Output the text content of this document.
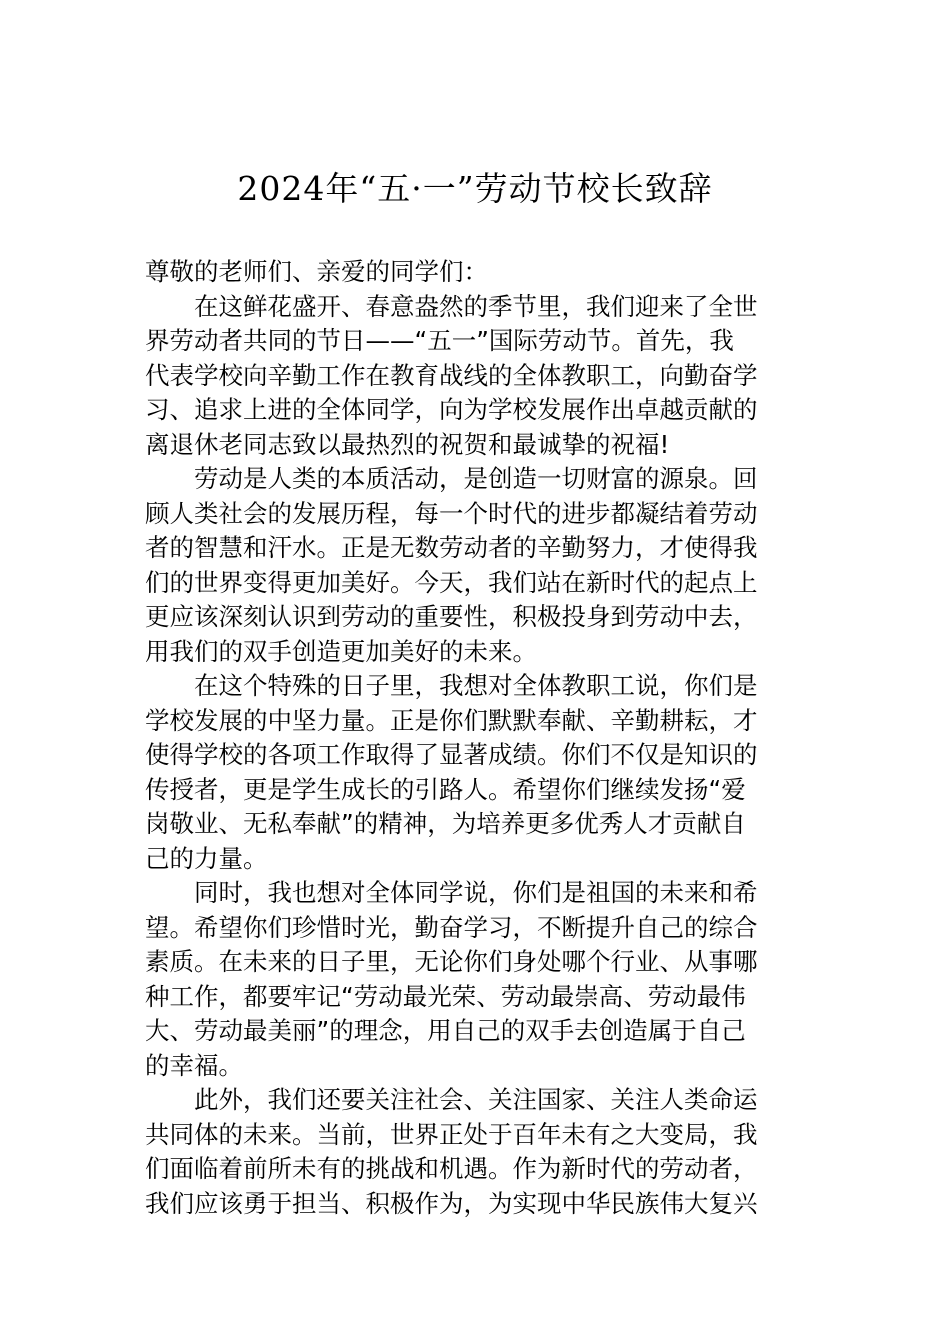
2024年“五·一”劳动节校长致辞
尊敬的老师们、亲爱的同学们：
在这鲜花盛开、春意盎然的季节里，我们迎来了全世
界劳动者共同的节日——“五一”国际劳动节。首先，我
代表学校向辛勤工作在教育战线的全体教职工，向勤奋学
习、追求上进的全体同学，向为学校发展作出卓越贡献的
离退休老同志致以最热烈的祝贺和最诚挚的祝福!
劳动是人类的本质活动，是创造一切财富的源泉。回
顾人类社会的发展历程，每一个时代的进步都凝结着劳动
者的智慧和汗水。正是无数劳动者的辛勤努力，才使得我
们的世界变得更加美好。今天，我们站在新时代的起点上
更应该深刻认识到劳动的重要性，积极投身到劳动中去，
用我们的双手创造更加美好的未来。
在这个特殊的日子里，我想对全体教职工说，你们是
学校发展的中坚力量。正是你们默默奉献、辛勤耕耘，才
使得学校的各项工作取得了显著成绩。你们不仅是知识的
传授者，更是学生成长的引路人。希望你们继续发扬“爱
岗敬业、无私奉献”的精神，为培养更多优秀人才贡献自
己的力量。
同时，我也想对全体同学说，你们是祖国的未来和希
望。希望你们珍惜时光，勤奋学习，不断提升自己的综合
素质。在未来的日子里，无论你们身处哪个行业、从事哪
种工作，都要牢记“劳动最光荣、劳动最崇高、劳动最伟
大、劳动最美丽”的理念，用自己的双手去创造属于自己
的幸福。
此外，我们还要关注社会、关注国家、关注人类命运
共同体的未来。当前，世界正处于百年未有之大变局，我
们面临着前所未有的挑战和机遇。作为新时代的劳动者，
我们应该勇于担当、积极作为，为实现中华民族伟大复兴
